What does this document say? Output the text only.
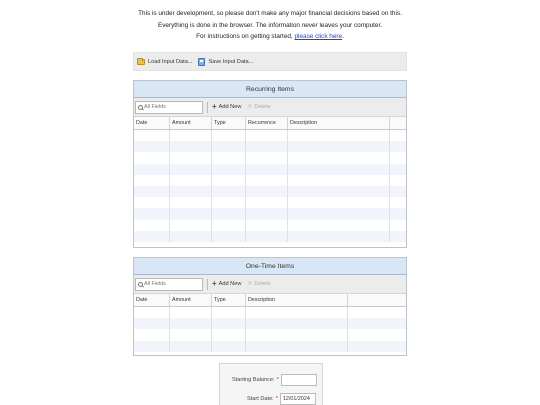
This is under development, so please don't make any major financial decisions based on this.
Everything is done in the browser. The information never leaves your computer.
For instructions on getting started, please click here.
Load Input Data...	Save Input Data...
Recurring Items
All Fields
+ Add New ✕ Delete
Date	Amount	Type	Recurrence	Description
One-Time Items
All Fields
+ Add New ✕ Delete
Date	Amount	Type	Description
Starting Balance: *
Start Date: *
12/01/2024
